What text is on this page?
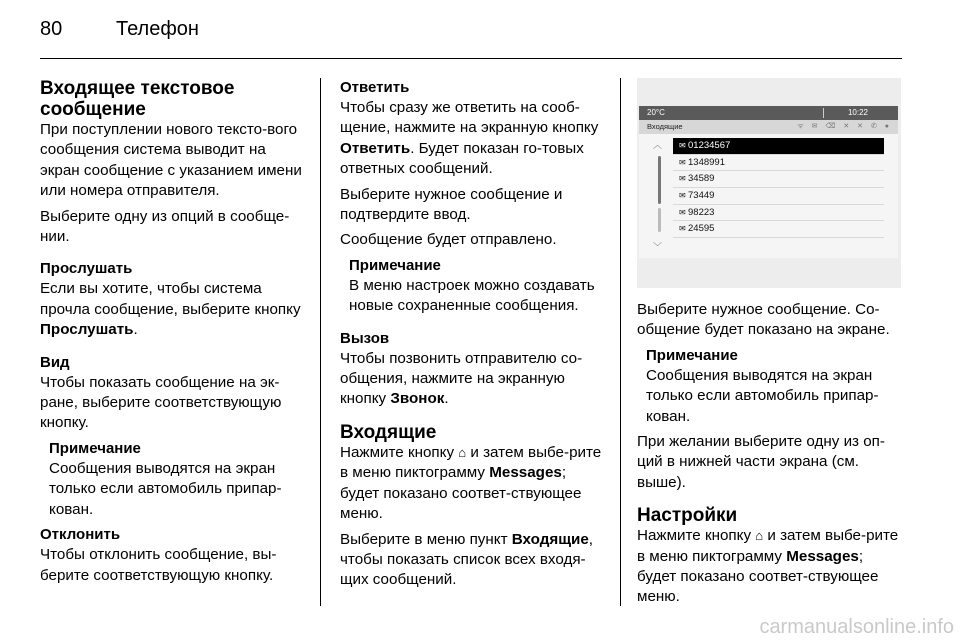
80	Телефон
Входящее текстовое сообщение

При поступлении нового тексто-вого сообщения система выводит на экран сообщение с указанием имени или номера отправителя.

Выберите одну из опций в сообще-нии.

Прослушать

Если вы хотите, чтобы система прочла сообщение, выберите кнопку Прослушать.

Вид

Чтобы показать сообщение на эк-ране, выберите соответствующую кнопку.

Примечание

Сообщения выводятся на экран только если автомобиль припар-кован.

Отклонить

Чтобы отклонить сообщение, вы-берите соответствующую кнопку.

Ответить

Чтобы сразу же ответить на сооб-щение, нажмите на экранную кнопку Ответить. Будет показан го-товых ответных сообщений.

Выберите нужное сообщение и подтвердите ввод.

Сообщение будет отправлено.

Примечание

В меню настроек можно создавать новые сохраненные сообщения.

Вызов

Чтобы позвонить отправителю со-общения, нажмите на экранную кнопку Звонок.

Входящие

Нажмите кнопку ⌂ и затем выбе-рите в меню пиктограмму Messages; будет показано соответ-ствующее меню.

Выберите в меню пункт Входящие, чтобы показать список всех входя-щих сообщений.

20°C	10:22
Входящие	ᯤ ✉ ⌫ ✕ ✕ ✆ ●
︿
﹀
✉ 01234567
✉ 1348991
✉ 34589
✉ 73449
✉ 98223
✉ 24595

Выберите нужное сообщение. Со-общение будет показано на экране.

Примечание

Сообщения выводятся на экран только если автомобиль припар-кован.

При желании выберите одну из оп-ций в нижней части экрана (см. выше).

Настройки

Нажмите кнопку ⌂ и затем выбе-рите в меню пиктограмму Messages; будет показано соответ-ствующее меню.

carmanualsonline.info
